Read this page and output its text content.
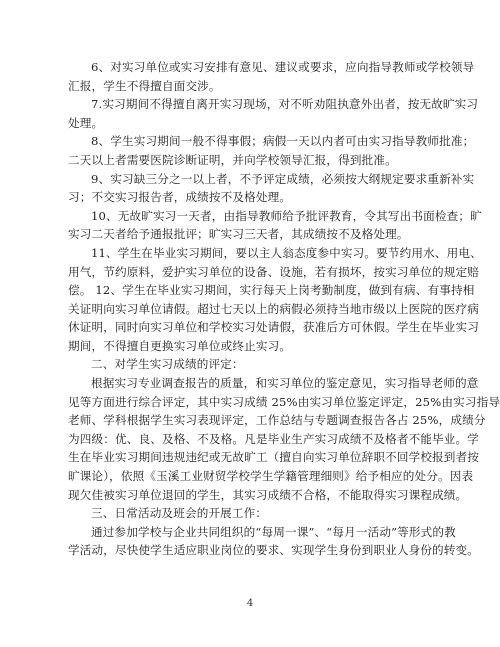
6、对实习单位或实习安排有意见、建议或要求，应向指导教师或学校领导
汇报，学生不得擅自面交涉。

7.实习期间不得擅自离开实习现场，对不听劝阻执意外出者，按无故旷实习
处理。

8、学生实习期间一般不得事假；病假一天以内者可由实习指导教师批准；
二天以上者需要医院诊断证明，并向学校领导汇报，得到批准。

9、实习缺三分之一以上者，不予评定成绩，必须按大纲规定要求重新补实
习；不交实习报告者，成绩按不及格处理。

10、无故旷实习一天者，由指导教师给予批评教育，令其写出书面检查；旷
实习二天者给予通报批评；旷实习三天者，其成绩按不及格处理。

11、学生在毕业实习期间，要以主人翁态度参中实习。要节约用水、用电、
用气，节约原料，爱护实习单位的设备、设施，若有损坏，按实习单位的规定赔
偿。 12、学生在毕业实习期间，实行每天上岗考勤制度，做到有病、有事持相
关证明向实习单位请假。超过七天以上的病假必须持当地市级以上医院的医疗病
休证明，同时向实习单位和学校实习处请假，获准后方可休假。学生在毕业实习
期间，不得擅自更换实习单位或终止实习。

二、对学生实习成绩的评定：

根据实习专业调查报告的质量，和实习单位的鉴定意见，实习指导老师的意
见等方面进行综合评定，其中实习成绩 25%由实习单位鉴定评定，25%由实习指导
老师、学科根据学生实习表现评定，工作总结与专题调查报告各占 25%，成绩分
为四级：优、良、及格、不及格。凡是毕业生产实习成绩不及格者不能毕业。学
生在毕业实习期间违规违纪或无故旷工（擅自向实习单位辞职不回学校报到者按
旷课论），依照《玉溪工业财贸学校学生学籍管理细则》给予相应的处分。因表
现欠佳被实习单位退回的学生，其实习成绩不合格，不能取得实习课程成绩。

三、日常活动及班会的开展工作：

通过参加学校与企业共同组织的“每周一课”、“每月一活动”等形式的教
学活动，尽快使学生适应职业岗位的要求、实现学生身份到职业人身份的转变。

4
